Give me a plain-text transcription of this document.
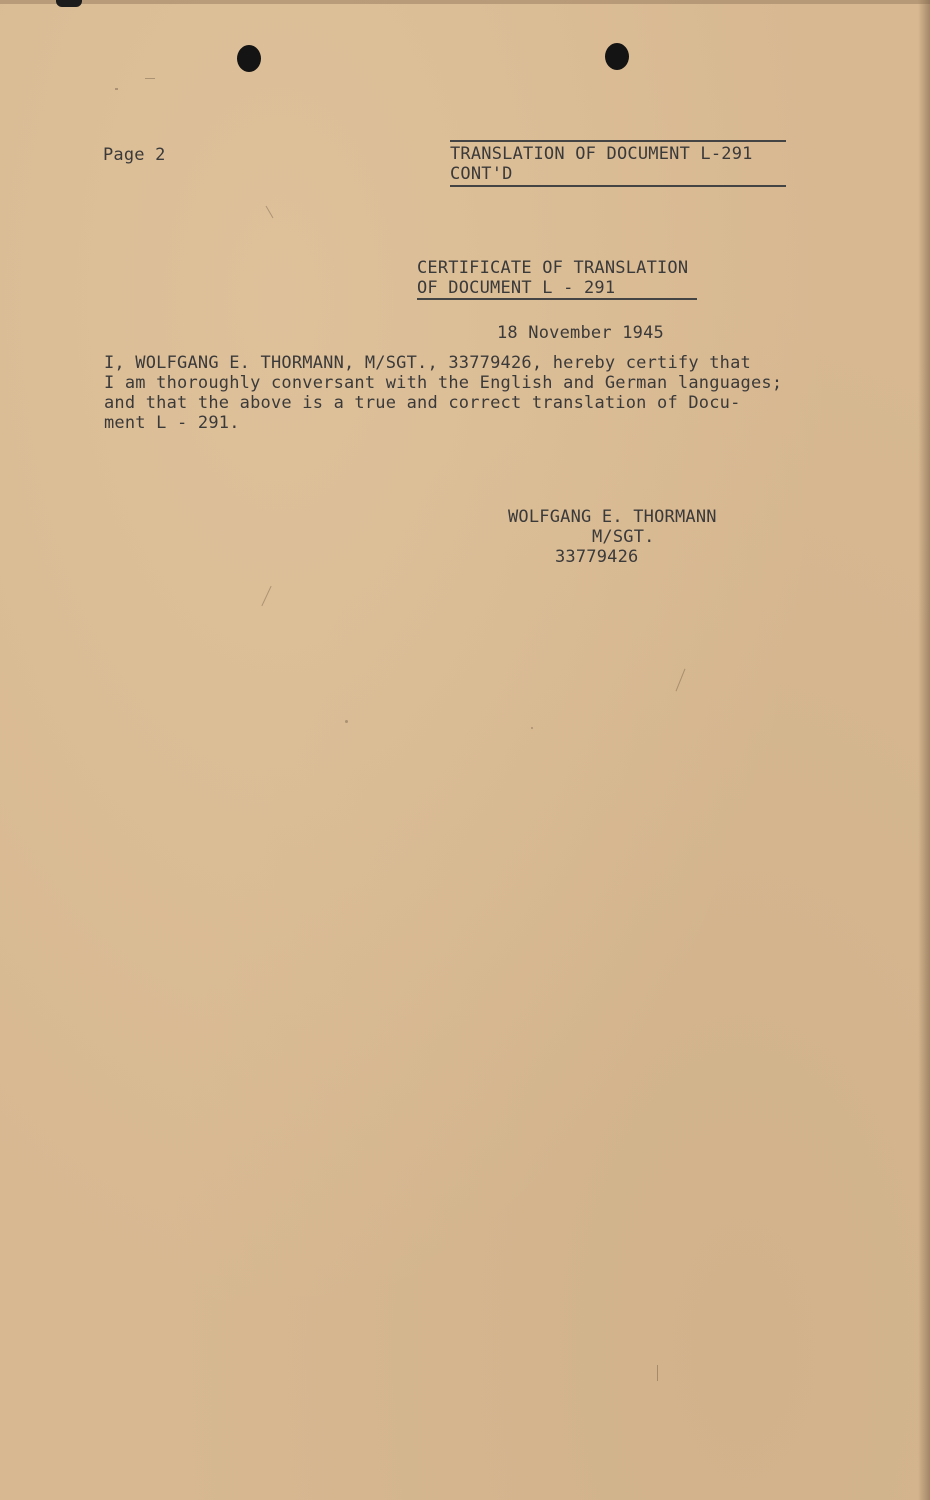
Page 2	TRANSLATION OF DOCUMENT L-291
CONT'D
CERTIFICATE OF TRANSLATION
OF DOCUMENT L - 291
18 November 1945
I, WOLFGANG E. THORMANN, M/SGT., 33779426, hereby certify that
I am thoroughly conversant with the English and German languages;
and that the above is a true and correct translation of Docu-
ment L - 291.
WOLFGANG E. THORMANN
M/SGT.
33779426
